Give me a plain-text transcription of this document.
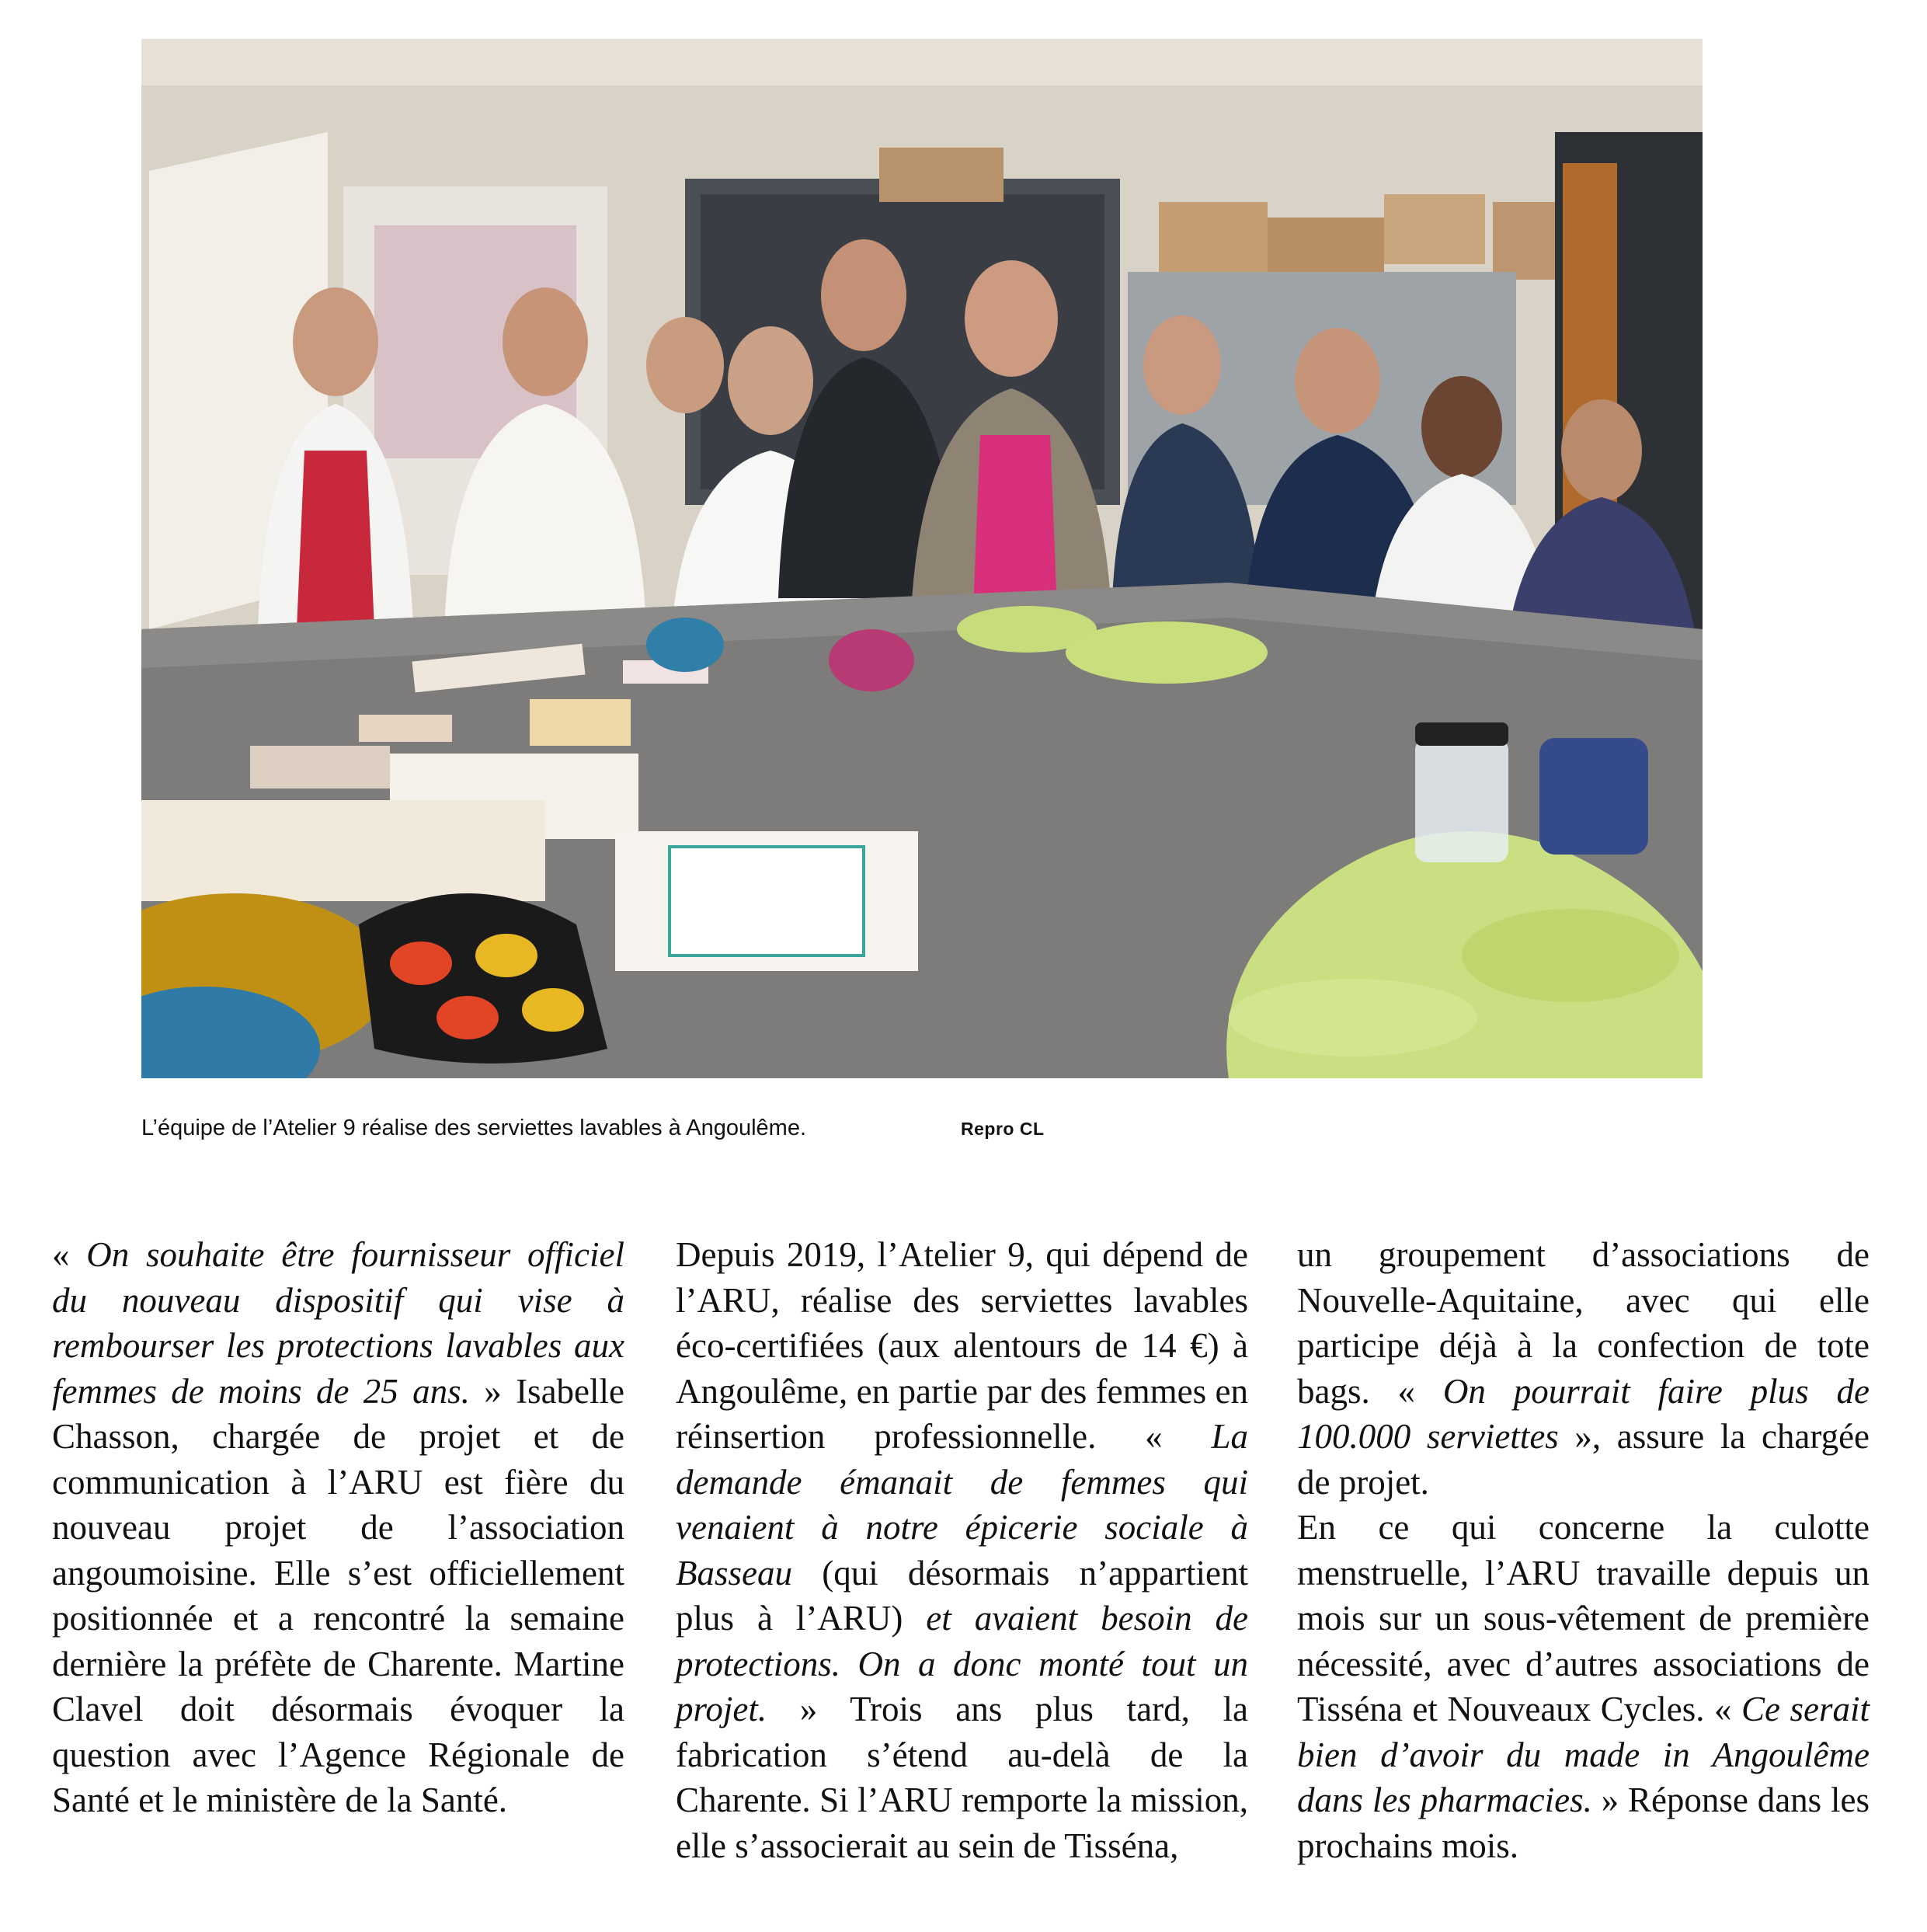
L’équipe de l’Atelier 9 réalise des serviettes lavables à Angoulême.	Repro CL

« On souhaite être fournisseur officiel du nouveau dispositif qui vise à rembourser les protections lavables aux femmes de moins de 25 ans. » Isabelle Chasson, chargée de projet et de communication à l’ARU est fière du nouveau projet de l’association angoumoisine. Elle s’est officiellement positionnée et a rencontré la semaine dernière la préfète de Charente. Martine Clavel doit désormais évoquer la question avec l’Agence Régionale de Santé et le ministère de la Santé.

Depuis 2019, l’Atelier 9, qui dépend de l’ARU, réalise des serviettes lavables éco-certifiées (aux alentours de 14 €) à Angoulême, en partie par des femmes en réinsertion professionnelle. « La demande émanait de femmes qui venaient à notre épicerie sociale à Basseau (qui désormais n’appartient plus à l’ARU) et avaient besoin de protections. On a donc monté tout un projet. » Trois ans plus tard, la fabrication s’étend au-delà de la Charente. Si l’ARU remporte la mission, elle s’associerait au sein de Tisséna,

un groupement d’associations de Nouvelle-Aquitaine, avec qui elle participe déjà à la confection de tote bags. « On pourrait faire plus de 100.000 serviettes », assure la chargée de projet.

En ce qui concerne la culotte menstruelle, l’ARU travaille depuis un mois sur un sous-vêtement de première nécessité, avec d’autres associations de Tisséna et Nouveaux Cycles. « Ce serait bien d’avoir du made in Angoulême dans les pharmacies. » Réponse dans les prochains mois.
